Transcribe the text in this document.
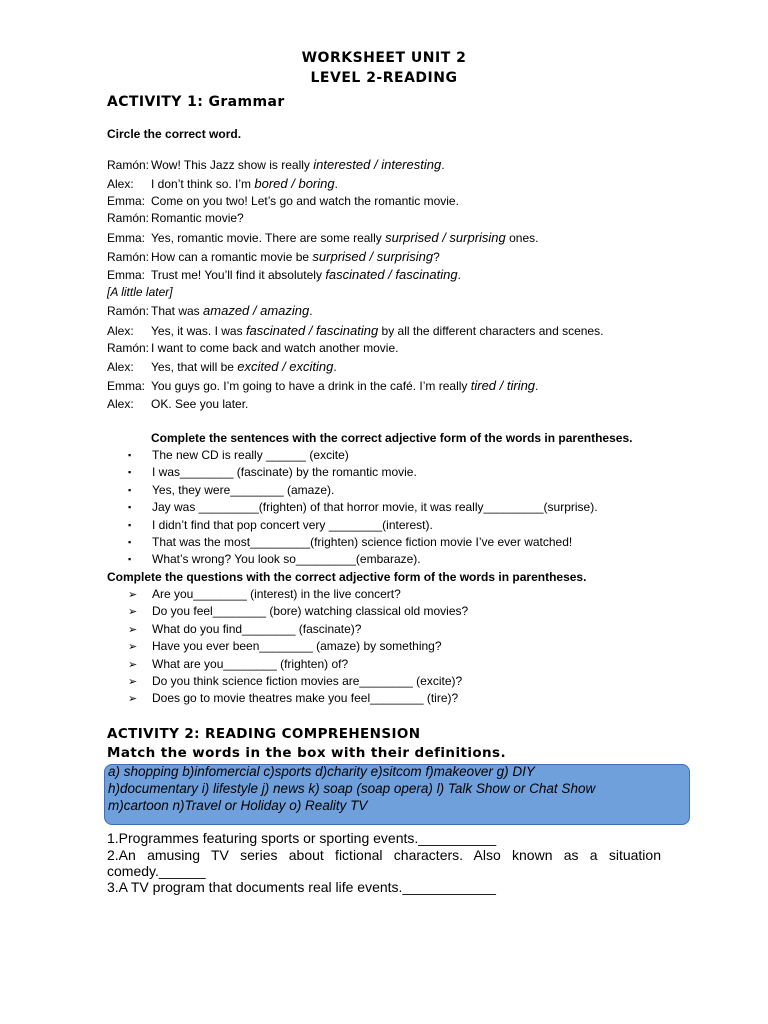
WORKSHEET UNIT 2
LEVEL 2-READING
ACTIVITY 1: Grammar
Circle the correct word.
Ramón: Wow! This Jazz show is really interested / interesting.
Alex: I don’t think so. I’m bored / boring.
Emma: Come on you two! Let’s go and watch the romantic movie.
Ramón: Romantic movie?
Emma: Yes, romantic movie. There are some really surprised / surprising ones.
Ramón: How can a romantic movie be surprised / surprising?
Emma: Trust me! You’ll find it absolutely fascinated / fascinating.
[A little later]
Ramón: That was amazed / amazing.
Alex: Yes, it was. I was fascinated / fascinating by all the different characters and scenes.
Ramón: I want to come back and watch another movie.
Alex: Yes, that will be excited / exciting.
Emma: You guys go. I’m going to have a drink in the café. I’m really tired / tiring.
Alex: OK. See you later.
Complete the sentences with the correct adjective form of the words in parentheses.
▪ The new CD is really ______ (excite)
▪ I was________ (fascinate) by the romantic movie.
▪ Yes, they were________ (amaze).
▪ Jay was _________(frighten) of that horror movie, it was really_________(surprise).
▪ I didn’t find that pop concert very ________(interest).
▪ That was the most_________(frighten) science fiction movie I’ve ever watched!
▪ What’s wrong? You look so_________(embaraze).
Complete the questions with the correct adjective form of the words in parentheses.
➢ Are you________ (interest) in the live concert?
➢ Do you feel________ (bore) watching classical old movies?
➢ What do you find________ (fascinate)?
➢ Have you ever been________ (amaze) by something?
➢ What are you________ (frighten) of?
➢ Do you think science fiction movies are________ (excite)?
➢ Does go to movie theatres make you feel________ (tire)?
ACTIVITY 2: READING COMPREHENSION
Match the words in the box with their definitions.
a) shopping b)infomercial c)sports d)charity e)sitcom f)makeover g) DIY
h)documentary i) lifestyle j) news k) soap (soap opera) l) Talk Show or Chat Show
m)cartoon n)Travel or Holiday o) Reality TV
1.Programmes featuring sports or sporting events.__________
2.An amusing TV series about fictional characters. Also known as a situation
comedy.______
3.A TV program that documents real life events.____________
